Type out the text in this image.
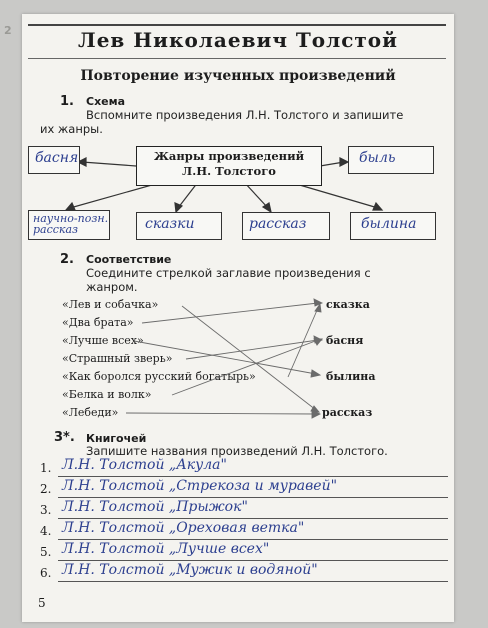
2	Лев Николаевич Толстой
Повторение изученных произведений
1. Схема
Вспомните произведения Л.Н. Толстого и запишите
их жанры.
Жанры произведений
Л.Н. Толстого
басня	быль
научно-позн. рассказ	сказки	рассказ	былина
2. Соответствие
Соедините стрелкой заглавие произведения с
жанром.
«Лев и собачка»
«Два брата»
«Лучше всех»
«Страшный зверь»
«Как боролся русский богатырь»
«Белка и волк»
«Лебеди»
сказка
басня
былина
рассказ
3*. Книгочей
Запишите названия произведений Л.Н. Толстого.
1. Л.Н. Толстой „Акула"
2. Л.Н. Толстой „Стрекоза и муравей"
3. Л.Н. Толстой „Прыжок"
4. Л.Н. Толстой „Ореховая ветка"
5. Л.Н. Толстой „Лучше всех"
6. Л.Н. Толстой „Мужик и водяной"
5
